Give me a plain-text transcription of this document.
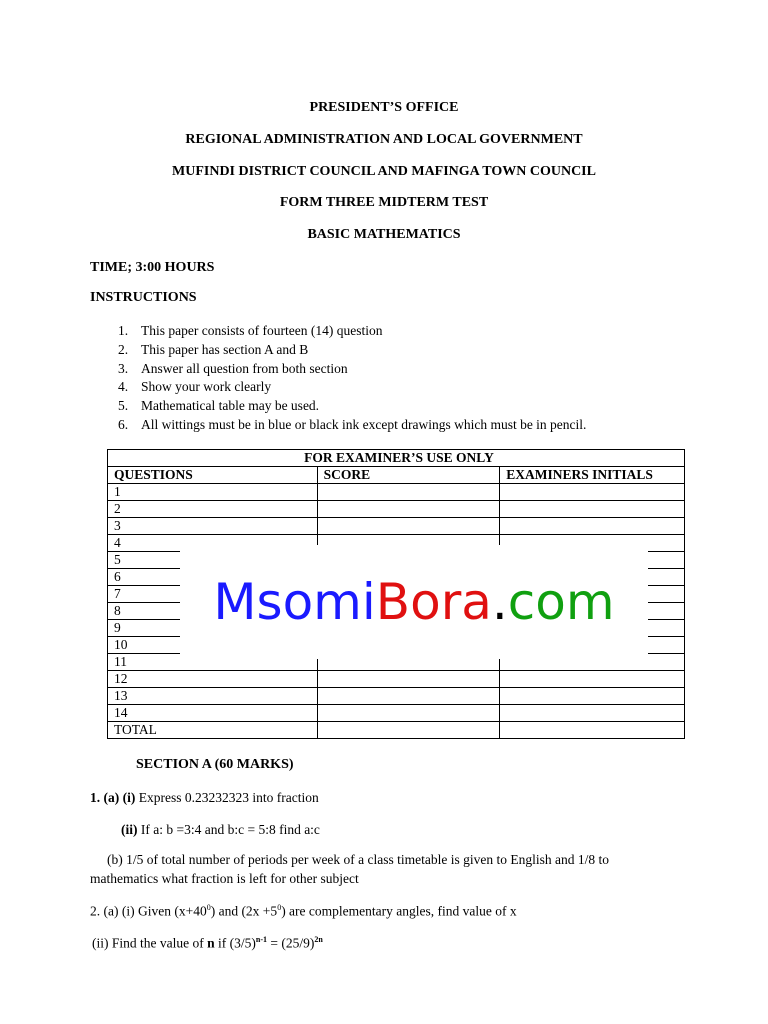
PRESIDENT’S OFFICE
REGIONAL ADMINISTRATION AND LOCAL GOVERNMENT
MUFINDI DISTRICT COUNCIL AND MAFINGA TOWN COUNCIL
FORM THREE MIDTERM TEST
BASIC MATHEMATICS
TIME; 3:00 HOURS
INSTRUCTIONS
1. This paper consists of fourteen (14) question
2. This paper has section A and B
3. Answer all question from both section
4. Show your work clearly
5. Mathematical table may be used.
6. All wittings must be in blue or black ink except drawings which must be in pencil.
FOR EXAMINER’S USE ONLY		
QUESTIONS	SCORE	EXAMINERS INITIALS
1		
2		
3		
4		
5		
6		
7		
8		
9		
10		
11		
12		
13		
14		
TOTAL		
Msomi Bora . com
SECTION A (60 MARKS)
1. (a) (i) Express 0.23232323 into fraction
(ii) If a: b =3:4 and b:c = 5:8 find a:c
(b) 1/5 of total number of periods per week of a class timetable is given to English and 1/8 to
mathematics what fraction is left for other subject
2. (a) (i) Given $(x+40^0)$ and $(2x +5^0)$ are complementary angles, find value of x
(ii) Find the value of n if $(3/5)^{n-1} = (25/9)^{2n}$
